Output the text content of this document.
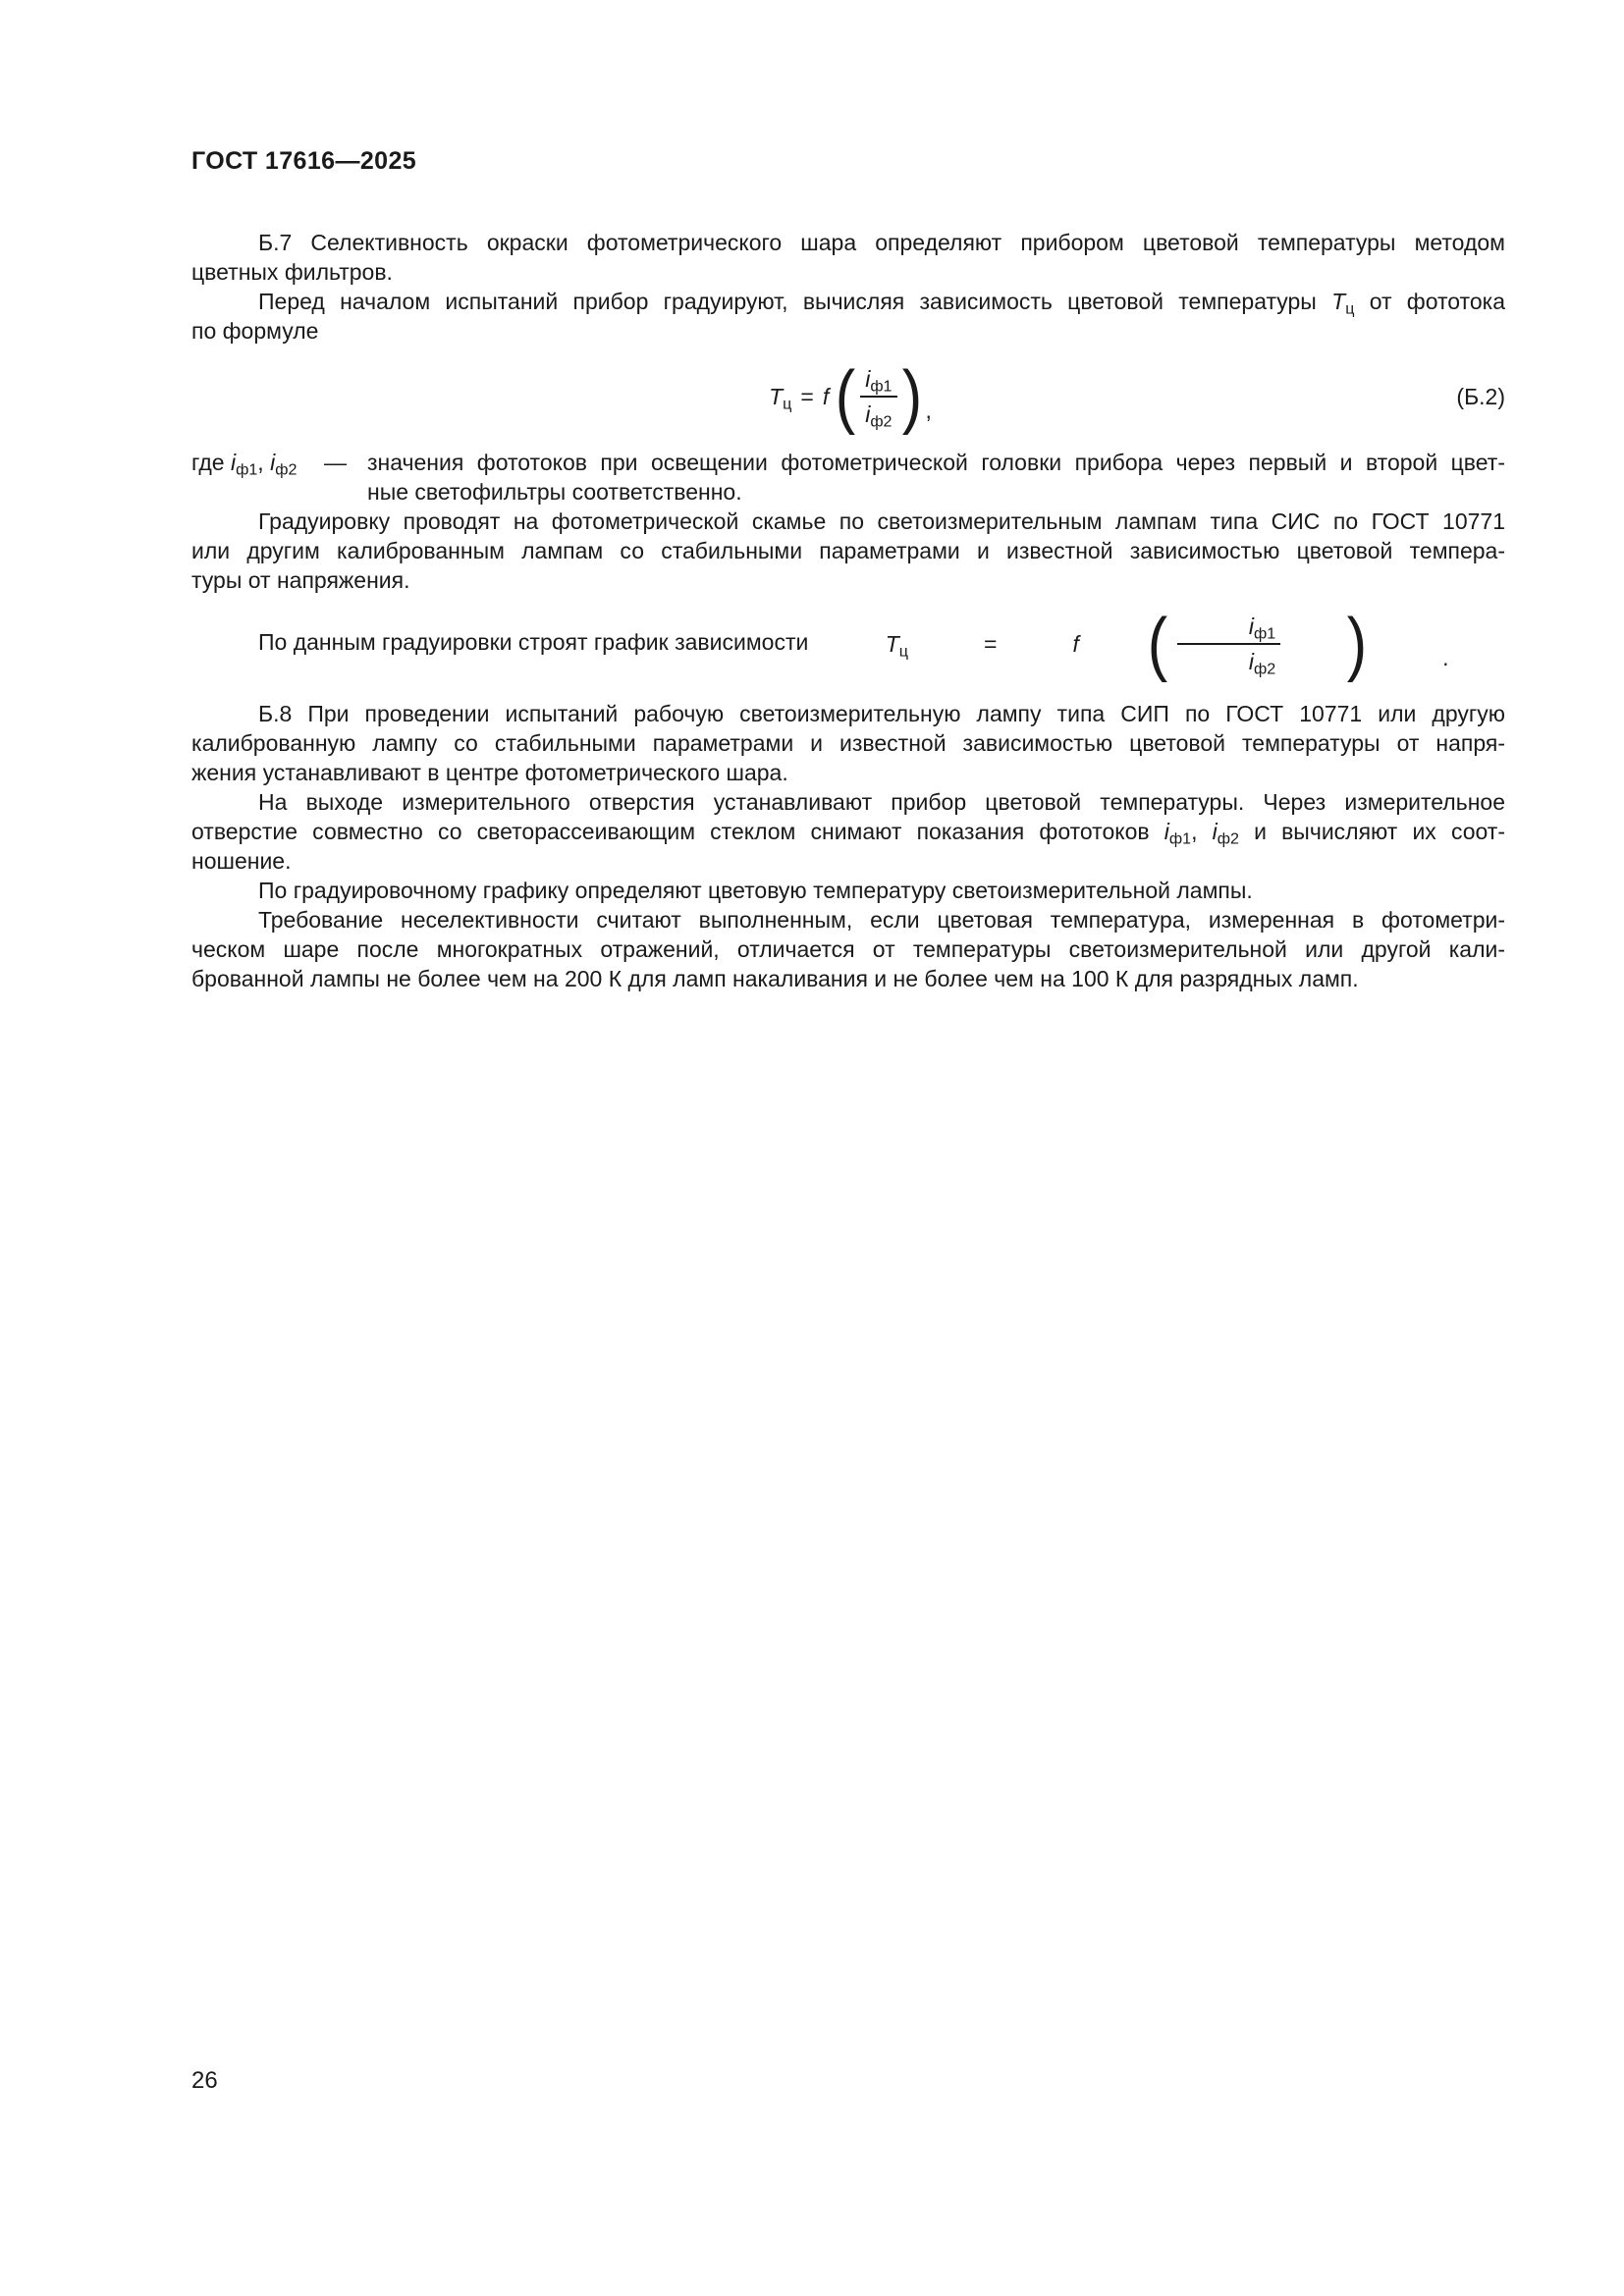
ГОСТ 17616—2025
Б.7 Селективность окраски фотометрического шара определяют прибором цветовой температуры методом
цветных фильтров.
Перед началом испытаний прибор градуируют, вычисляя зависимость цветовой температуры $T_ц$ от фототока
по формуле
$T_ц = f$ ( $i_{ф1}$
$i_{ф2}$ ) ,
(Б.2)
где $i_{ф1}$, $i_{ф2}$	— значения фототоков при освещении фотометрической головки прибора через первый и второй цвет-
ные светофильтры соответственно.
Градуировку проводят на фотометрической скамье по светоизмерительным лампам типа СИС по ГОСТ 10771
или другим калиброванным лампам со стабильными параметрами и известной зависимостью цветовой темпера-
туры от напряжения.
По данным градуировки строят график зависимости	$T_ц$	=	f (	$i_{ф1}$
$i_{ф2}$	)	.
Б.8 При проведении испытаний рабочую светоизмерительную лампу типа СИП по ГОСТ 10771 или другую
калиброванную лампу со стабильными параметрами и известной зависимостью цветовой температуры от напря-
жения устанавливают в центре фотометрического шара.
На выходе измерительного отверстия устанавливают прибор цветовой температуры. Через измерительное
отверстие совместно со светорассеивающим стеклом снимают показания фототоков $i_{ф1}$, $i_{ф2}$ и вычисляют их соот-
ношение.
По градуировочному графику определяют цветовую температуру светоизмерительной лампы.
Требование неселективности считают выполненным, если цветовая температура, измеренная в фотометри-
ческом шаре после многократных отражений, отличается от температуры светоизмерительной или другой кали-
брованной лампы не более чем на 200 К для ламп накаливания и не более чем на 100 К для разрядных ламп.
26
